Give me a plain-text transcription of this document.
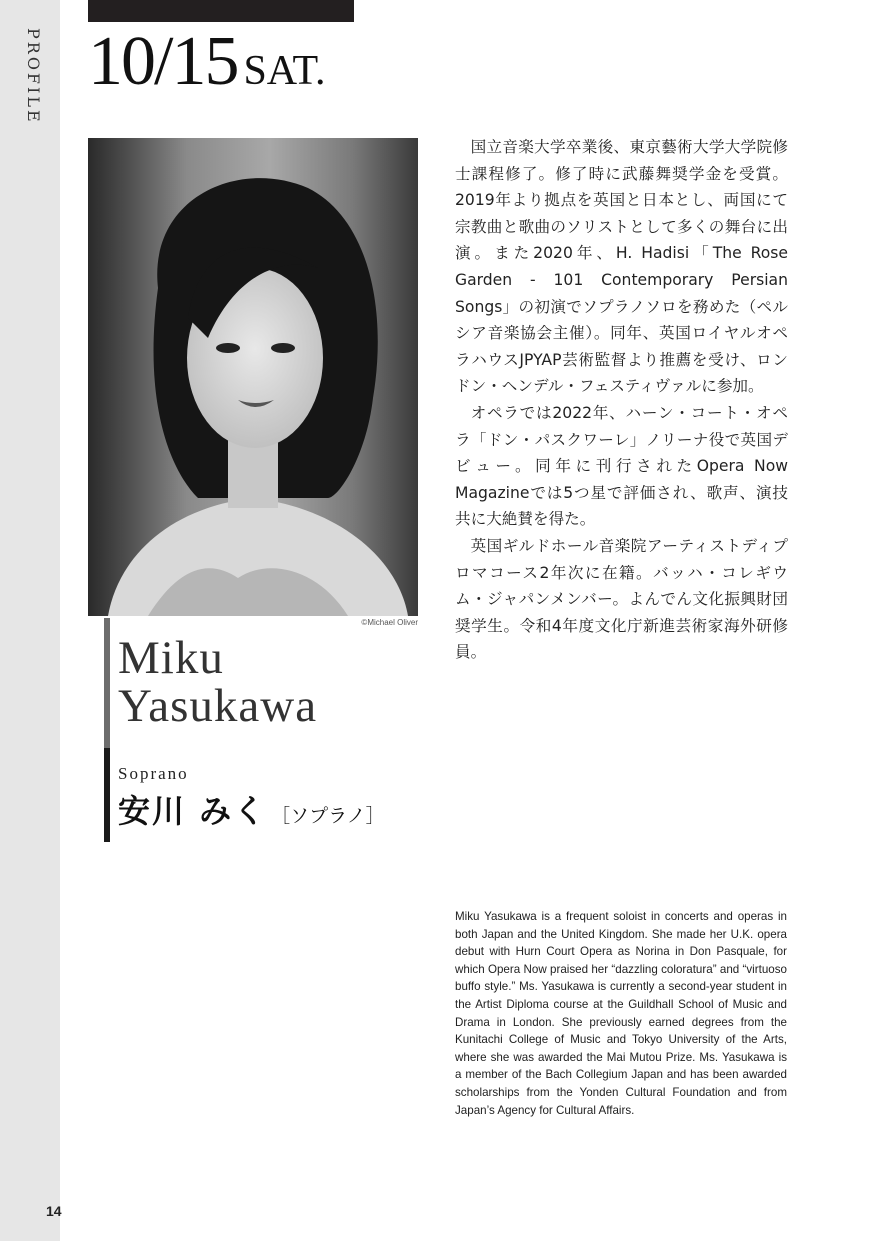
PROFILE
14
10/15 SAT.
©Michael Oliver
Miku
Yasukawa
Soprano
安川 みく ［ソプラノ］

国立音楽大学卒業後、東京藝術大学大学院修士課程修了。修了時に武藤舞奨学金を受賞。2019年より拠点を英国と日本とし、両国にて宗教曲と歌曲のソリストとして多くの舞台に出演。また2020年、H. Hadisi「The Rose Garden - 101 Contemporary Persian Songs」の初演でソプラノソロを務めた（ペルシア音楽協会主催）。同年、英国ロイヤルオペラハウスJPYAP芸術監督より推薦を受け、ロンドン・ヘンデル・フェスティヴァルに参加。

オペラでは2022年、ハーン・コート・オペラ「ドン・パスクワーレ」ノリーナ役で英国デビュー。同年に刊行されたOpera Now Magazineでは5つ星で評価され、歌声、演技共に大絶賛を得た。

英国ギルドホール音楽院アーティストディプロマコース2年次に在籍。バッハ・コレギウム・ジャパンメンバー。よんでん文化振興財団奨学生。令和4年度文化庁新進芸術家海外研修員。

Miku Yasukawa is a frequent soloist in concerts and operas in both Japan and the United Kingdom. She made her U.K. opera debut with Hurn Court Opera as Norina in Don Pasquale, for which Opera Now praised her “dazzling coloratura” and “virtuoso buffo style.” Ms. Yasukawa is currently a second-year student in the Artist Diploma course at the Guildhall School of Music and Drama in London. She previously earned degrees from the Kunitachi College of Music and Tokyo University of the Arts, where she was awarded the Mai Mutou Prize. Ms. Yasukawa is a member of the Bach Collegium Japan and has been awarded scholarships from the Yonden Cultural Foundation and from Japan’s Agency for Cultural Affairs.
